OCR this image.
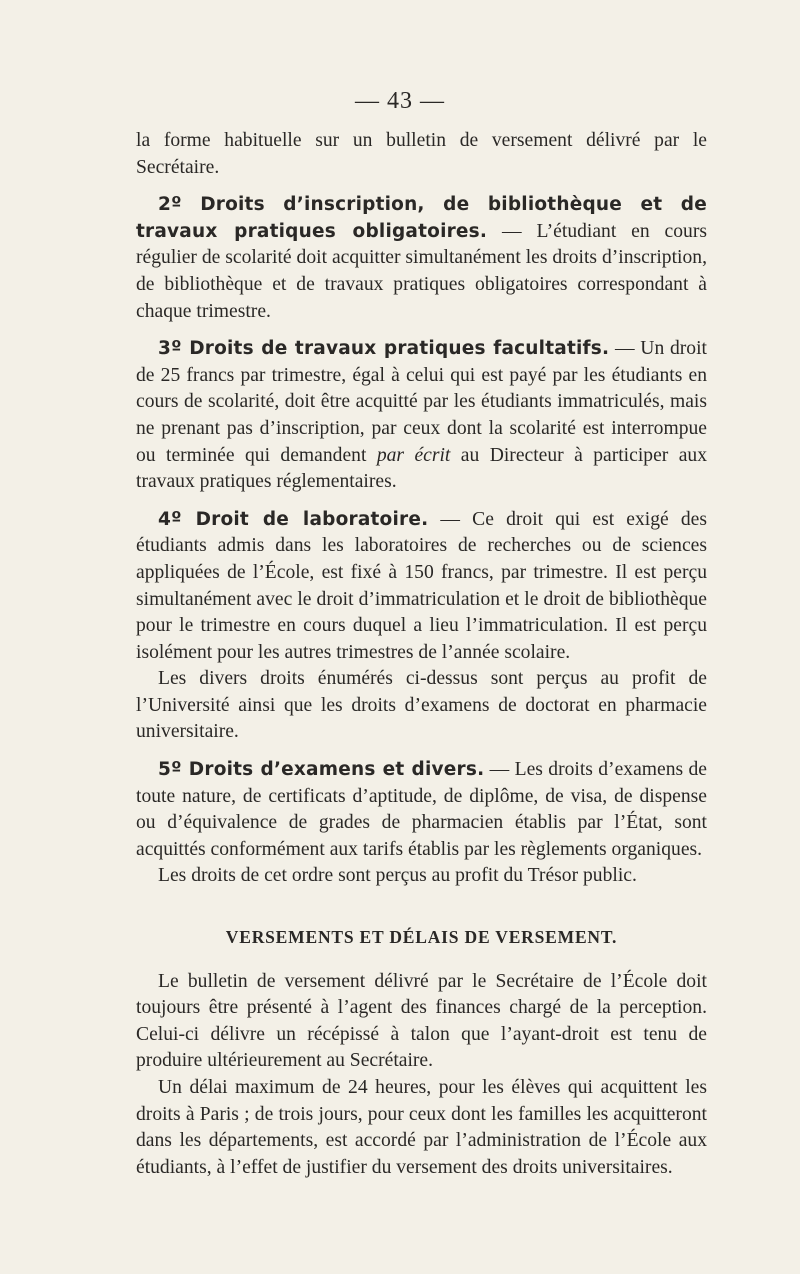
— 43 —

la forme habituelle sur un bulletin de versement délivré par le Secrétaire.

2º Droits d’inscription, de bibliothèque et de travaux pratiques obligatoires. — L’étudiant en cours régulier de scolarité doit acquitter simultanément les droits d’inscription, de bibliothèque et de travaux pratiques obligatoires correspondant à chaque trimestre.

3º Droits de travaux pratiques facultatifs. — Un droit de 25 francs par trimestre, égal à celui qui est payé par les étudiants en cours de scolarité, doit être acquitté par les étudiants immatriculés, mais ne prenant pas d’inscription, par ceux dont la scolarité est interrompue ou terminée qui demandent par écrit au Directeur à participer aux travaux pratiques réglementaires.

4º Droit de laboratoire. — Ce droit qui est exigé des étudiants admis dans les laboratoires de recherches ou de sciences appliquées de l’École, est fixé à 150 francs, par trimestre. Il est perçu simultanément avec le droit d’immatriculation et le droit de bibliothèque pour le trimestre en cours duquel a lieu l’immatriculation. Il est perçu isolément pour les autres trimestres de l’année scolaire.

Les divers droits énumérés ci-dessus sont perçus au profit de l’Université ainsi que les droits d’examens de doctorat en pharmacie universitaire.

5º Droits d’examens et divers. — Les droits d’examens de toute nature, de certificats d’aptitude, de diplôme, de visa, de dispense ou d’équivalence de grades de pharmacien établis par l’État, sont acquittés conformément aux tarifs établis par les règlements organiques.

Les droits de cet ordre sont perçus au profit du Trésor public.

VERSEMENTS ET DÉLAIS DE VERSEMENT.

Le bulletin de versement délivré par le Secrétaire de l’École doit toujours être présenté à l’agent des finances chargé de la perception. Celui-ci délivre un récépissé à talon que l’ayant-droit est tenu de produire ultérieurement au Secrétaire.

Un délai maximum de 24 heures, pour les élèves qui acquittent les droits à Paris ; de trois jours, pour ceux dont les familles les acquitteront dans les départements, est accordé par l’administration de l’École aux étudiants, à l’effet de justifier du versement des droits universitaires.
